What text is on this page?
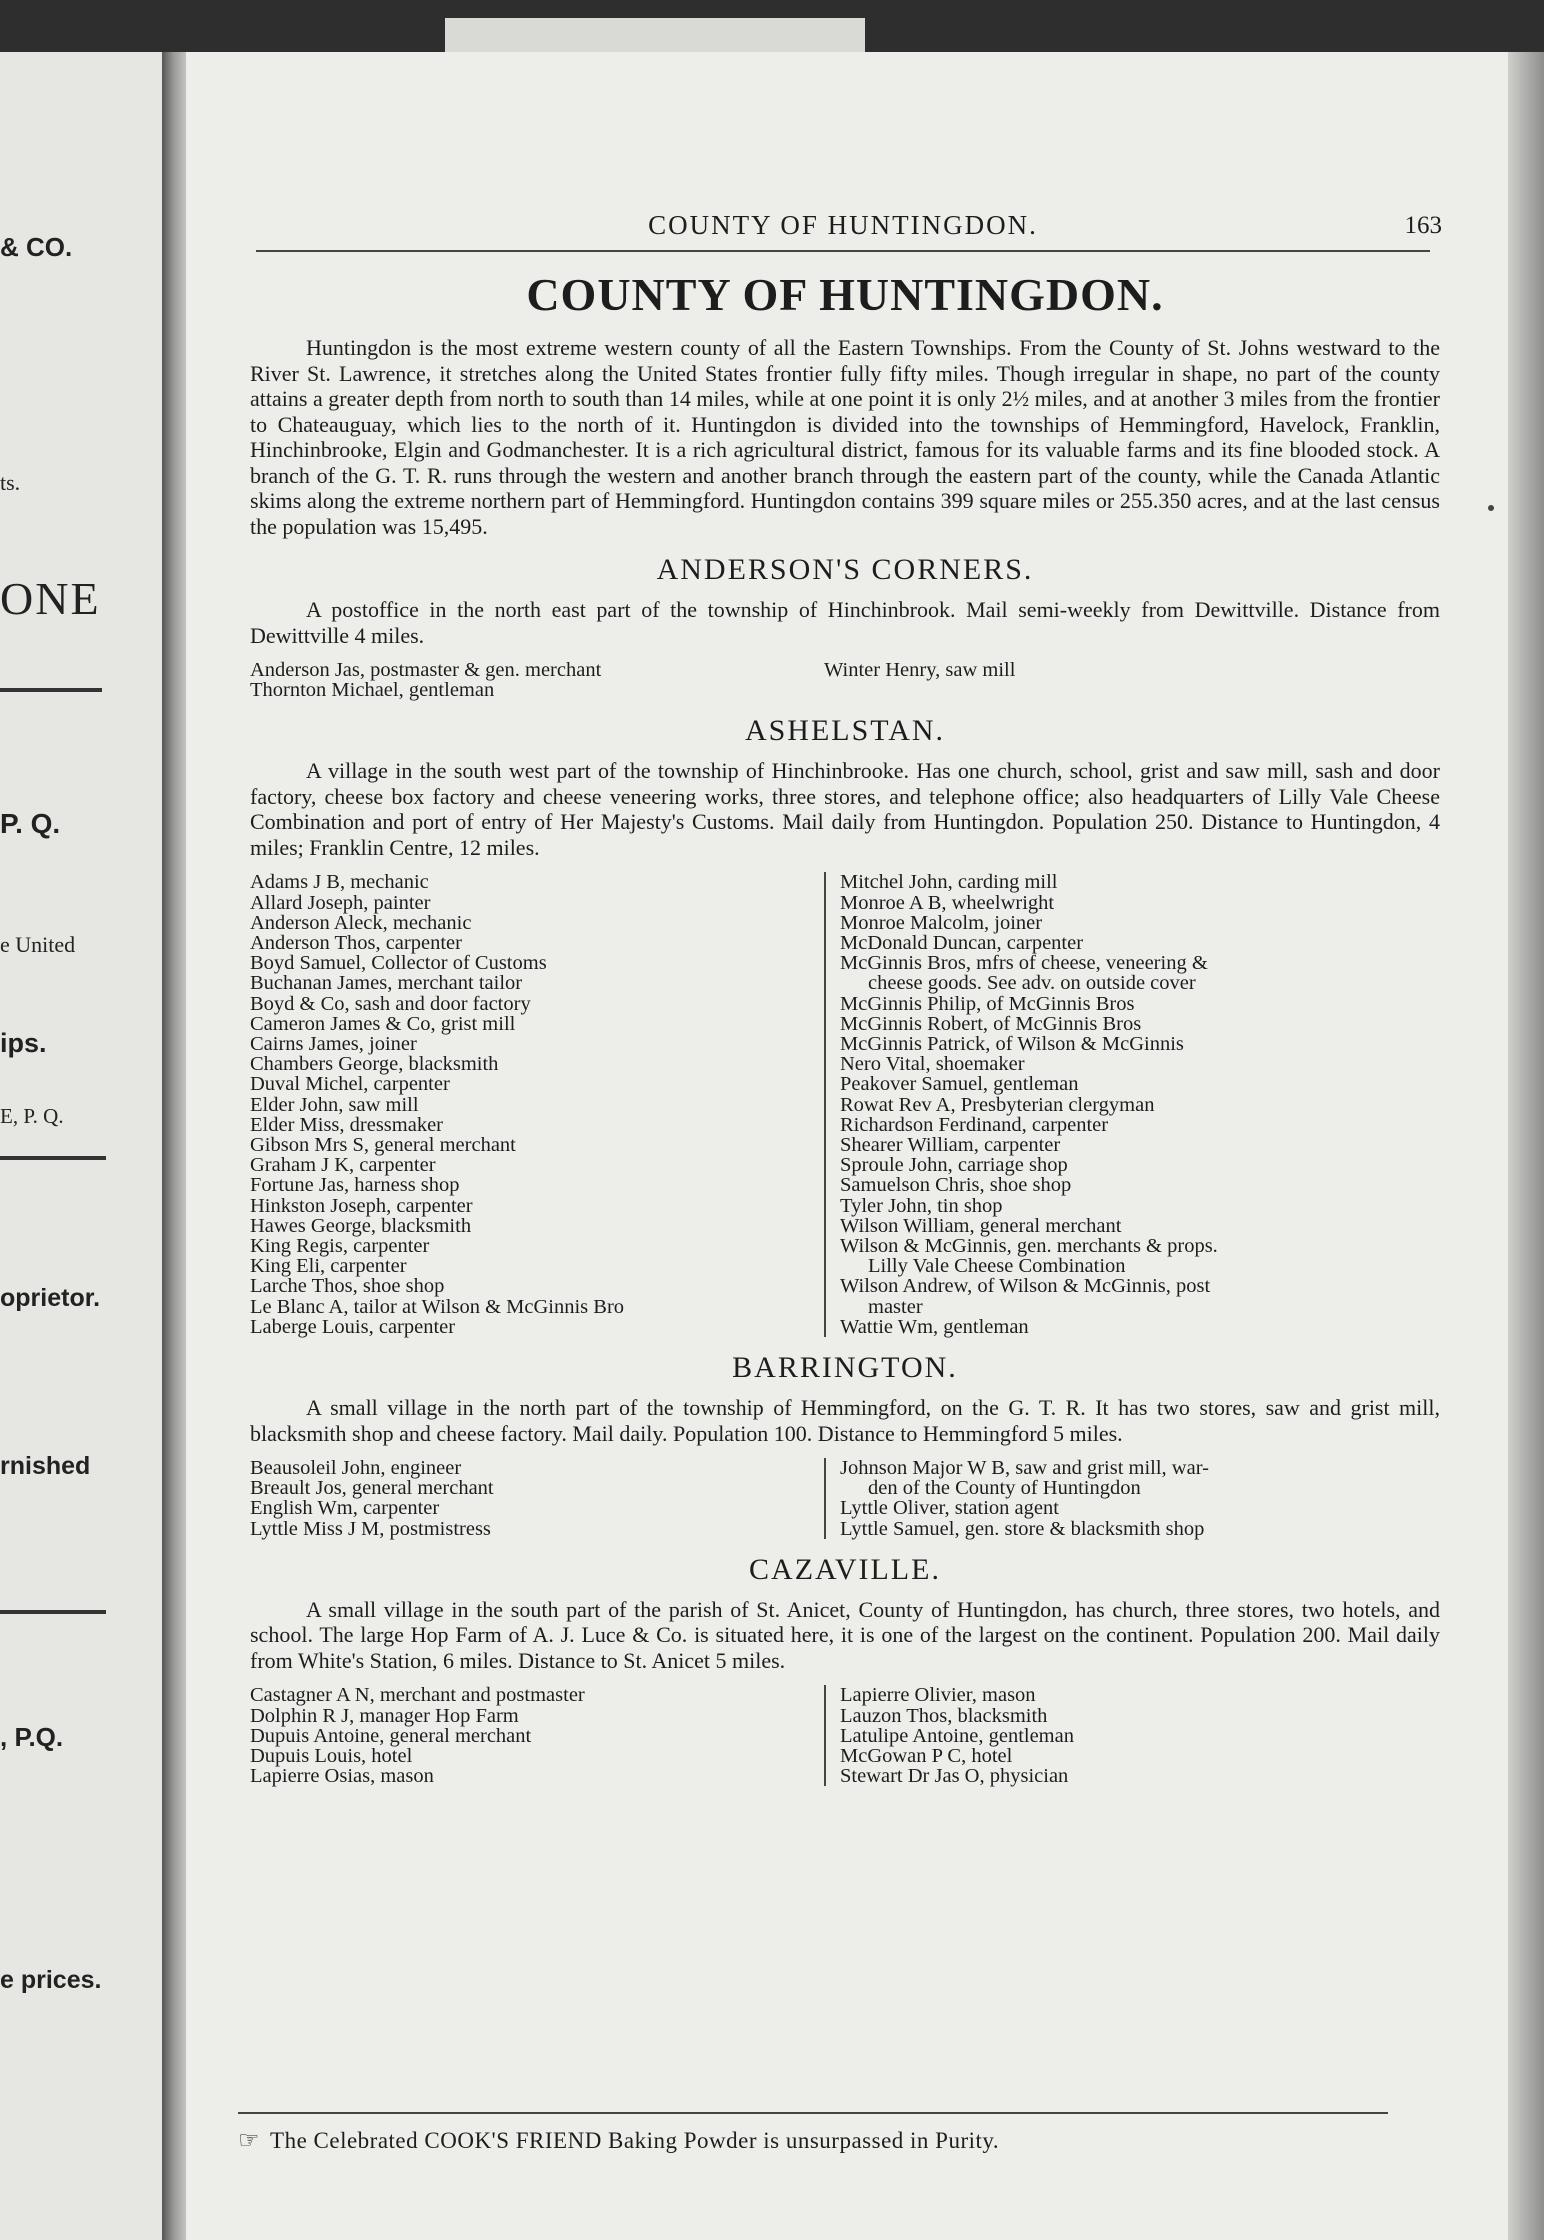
& CO.
ts.
ONE
P. Q.
e United
ips.
E, P. Q.
oprietor.
rnished
, P.Q.
e prices.
COUNTY OF HUNTINGDON.	163
COUNTY OF HUNTINGDON.

Huntingdon is the most extreme western county of all the Eastern Townships. From the County of St. Johns westward to the River St. Lawrence, it stretches along the United States frontier fully fifty miles. Though irregular in shape, no part of the county attains a greater depth from north to south than 14 miles, while at one point it is only 2½ miles, and at another 3 miles from the frontier to Chateauguay, which lies to the north of it. Huntingdon is divided into the townships of Hemmingford, Havelock, Franklin, Hinchinbrooke, Elgin and Godmanchester. It is a rich agricultural district, famous for its valuable farms and its fine blooded stock. A branch of the G. T. R. runs through the western and another branch through the eastern part of the county, while the Canada Atlantic skims along the extreme northern part of Hemmingford. Huntingdon contains 399 square miles or 255.350 acres, and at the last census the population was 15,495.

ANDERSON'S CORNERS.

A postoffice in the north east part of the township of Hinchinbrook. Mail semi-weekly from Dewittville. Distance from Dewittville 4 miles.

Anderson Jas, postmaster & gen. merchant
Thornton Michael, gentleman
Winter Henry, saw mill
ASHELSTAN.

A village in the south west part of the township of Hinchinbrooke. Has one church, school, grist and saw mill, sash and door factory, cheese box factory and cheese veneering works, three stores, and telephone office; also headquarters of Lilly Vale Cheese Combination and port of entry of Her Majesty's Customs. Mail daily from Huntingdon. Population 250. Distance to Huntingdon, 4 miles; Franklin Centre, 12 miles.

Adams J B, mechanic
Allard Joseph, painter
Anderson Aleck, mechanic
Anderson Thos, carpenter
Boyd Samuel, Collector of Customs
Buchanan James, merchant tailor
Boyd & Co, sash and door factory
Cameron James & Co, grist mill
Cairns James, joiner
Chambers George, blacksmith
Duval Michel, carpenter
Elder John, saw mill
Elder Miss, dressmaker
Gibson Mrs S, general merchant
Graham J K, carpenter
Fortune Jas, harness shop
Hinkston Joseph, carpenter
Hawes George, blacksmith
King Regis, carpenter
King Eli, carpenter
Larche Thos, shoe shop
Le Blanc A, tailor at Wilson & McGinnis Bro
Laberge Louis, carpenter
Mitchel John, carding mill
Monroe A B, wheelwright
Monroe Malcolm, joiner
McDonald Duncan, carpenter
McGinnis Bros, mfrs of cheese, veneering &
cheese goods. See adv. on outside cover
McGinnis Philip, of McGinnis Bros
McGinnis Robert, of McGinnis Bros
McGinnis Patrick, of Wilson & McGinnis
Nero Vital, shoemaker
Peakover Samuel, gentleman
Rowat Rev A, Presbyterian clergyman
Richardson Ferdinand, carpenter
Shearer William, carpenter
Sproule John, carriage shop
Samuelson Chris, shoe shop
Tyler John, tin shop
Wilson William, general merchant
Wilson & McGinnis, gen. merchants & props.
Lilly Vale Cheese Combination
Wilson Andrew, of Wilson & McGinnis, post
master
Wattie Wm, gentleman
BARRINGTON.

A small village in the north part of the township of Hemmingford, on the G. T. R. It has two stores, saw and grist mill, blacksmith shop and cheese factory. Mail daily. Population 100. Distance to Hemmingford 5 miles.

Beausoleil John, engineer
Breault Jos, general merchant
English Wm, carpenter
Lyttle Miss J M, postmistress
Johnson Major W B, saw and grist mill, war-
den of the County of Huntingdon
Lyttle Oliver, station agent
Lyttle Samuel, gen. store & blacksmith shop
CAZAVILLE.

A small village in the south part of the parish of St. Anicet, County of Huntingdon, has church, three stores, two hotels, and school. The large Hop Farm of A. J. Luce & Co. is situated here, it is one of the largest on the continent. Population 200. Mail daily from White's Station, 6 miles. Distance to St. Anicet 5 miles.

Castagner A N, merchant and postmaster
Dolphin R J, manager Hop Farm
Dupuis Antoine, general merchant
Dupuis Louis, hotel
Lapierre Osias, mason
Lapierre Olivier, mason
Lauzon Thos, blacksmith
Latulipe Antoine, gentleman
McGowan P C, hotel
Stewart Dr Jas O, physician
☞ The Celebrated COOK'S FRIEND Baking Powder is unsurpassed in Purity.
